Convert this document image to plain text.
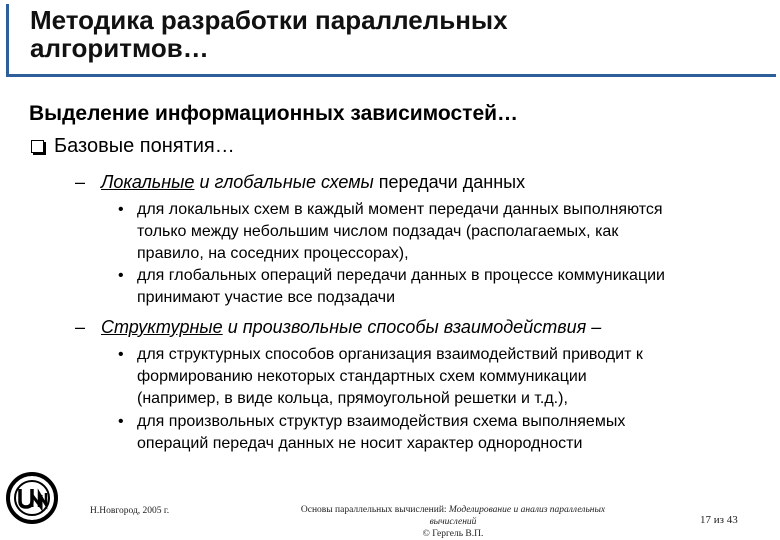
Методика разработки параллельных
алгоритмов…
Выделение информационных зависимостей…
Базовые понятия…
– Локальные и глобальные схемы передачи данных
• для локальных схем в каждый момент передачи данных выполняются
только между небольшим числом подзадач (располагаемых, как
правило, на соседних процессорах),
• для глобальных операций передачи данных в процессе коммуникации
принимают участие все подзадачи
– Структурные и произвольные способы взаимодействия –
• для структурных способов организация взаимодействий приводит к
формированию некоторых стандартных схем коммуникации
(например, в виде кольца, прямоугольной решетки и т.д.),
• для произвольных структур взаимодействия схема выполняемых
операций передач данных не носит характер однородности
Н.Новгород, 2005 г.	Основы параллельных вычислений: Моделирование и анализ параллельных
вычислений
© Гергель В.П.
17 из 43
